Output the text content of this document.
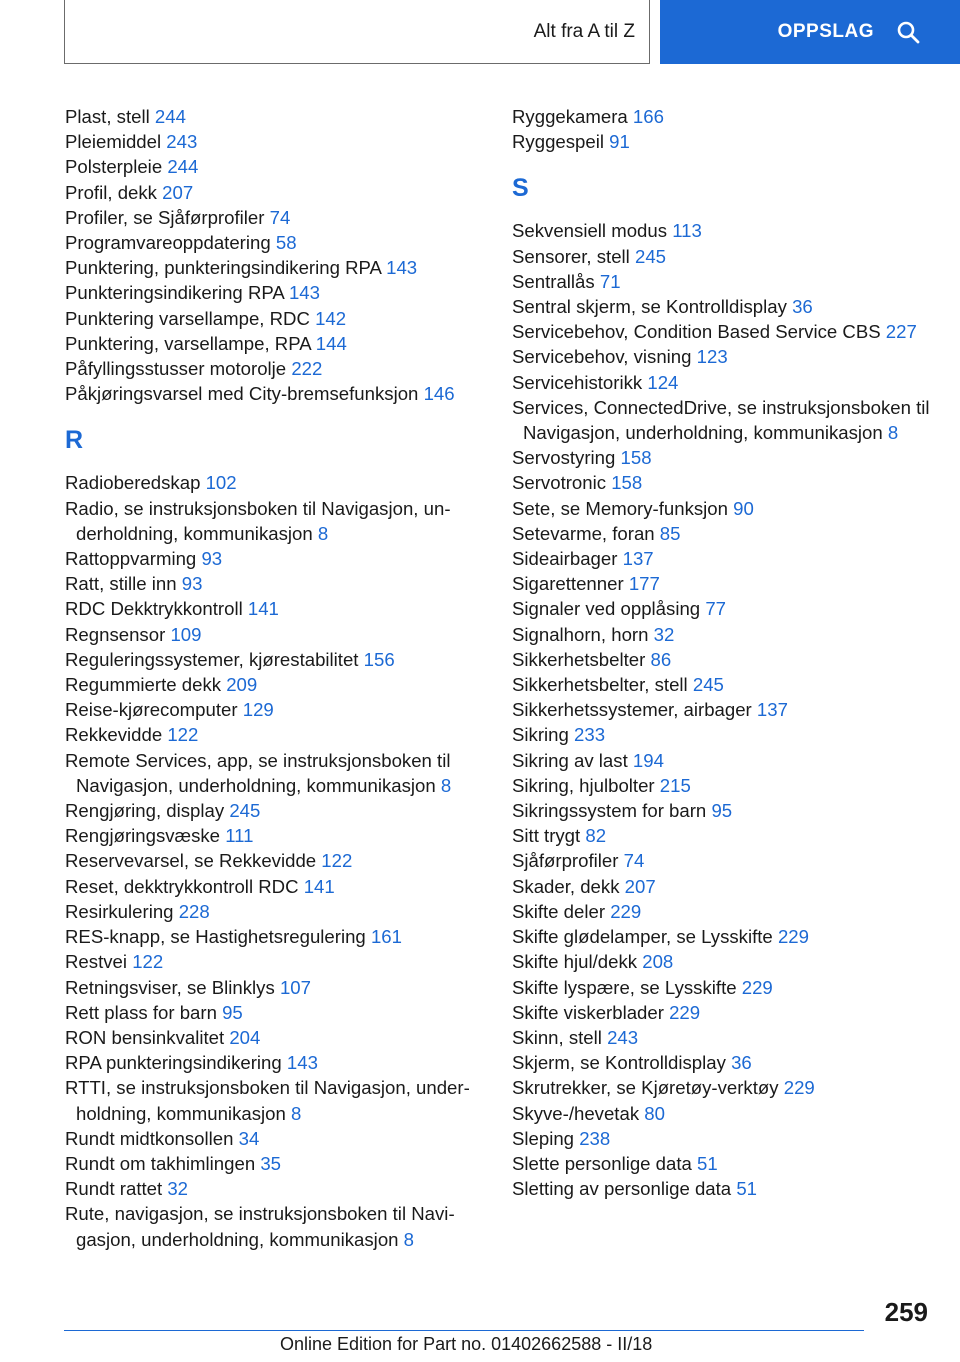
Alt fra A til Z	OPPSLAG
Plast, stell 244
Pleiemiddel 243
Polsterpleie 244
Profil, dekk 207
Profiler, se Sjåførprofiler 74
Programvareoppdatering 58
Punktering, punkteringsindikering RPA 143
Punkteringsindikering RPA 143
Punktering varsellampe, RDC 142
Punktering, varsellampe, RPA 144
Påfyllingsstusser motorolje 222
Påkjøringsvarsel med City-bremsefunksjon 146
R
Radioberedskap 102
Radio, se instruksjonsboken til Navigasjon, underholdning, kommunikasjon 8
Rattoppvarming 93
Ratt, stille inn 93
RDC Dekktrykkontroll 141
Regnsensor 109
Reguleringssystemer, kjørestabilitet 156
Regummierte dekk 209
Reise-kjørecomputer 129
Rekkevidde 122
Remote Services, app, se instruksjonsboken til Navigasjon, underholdning, kommunikasjon 8
Rengjøring, display 245
Rengjøringsvæske 111
Reservevarsel, se Rekkevidde 122
Reset, dekktrykkontroll RDC 141
Resirkulering 228
RES-knapp, se Hastighetsregulering 161
Restvei 122
Retningsviser, se Blinklys 107
Rett plass for barn 95
RON bensinkvalitet 204
RPA punkteringsindikering 143
RTTI, se instruksjonsboken til Navigasjon, underholdning, kommunikasjon 8
Rundt midtkonsollen 34
Rundt om takhimlingen 35
Rundt rattet 32
Rute, navigasjon, se instruksjonsboken til Navigasjon, underholdning, kommunikasjon 8
Ryggekamera 166
Ryggespeil 91
S
Sekvensiell modus 113
Sensorer, stell 245
Sentrallås 71
Sentral skjerm, se Kontrolldisplay 36
Servicebehov, Condition Based Service CBS 227
Servicebehov, visning 123
Servicehistorikk 124
Services, ConnectedDrive, se instruksjonsboken til Navigasjon, underholdning, kommunikasjon 8
Servostyring 158
Servotronic 158
Sete, se Memory-funksjon 90
Setevarme, foran 85
Sideairbager 137
Sigarettenner 177
Signaler ved opplåsing 77
Signalhorn, horn 32
Sikkerhetsbelter 86
Sikkerhetsbelter, stell 245
Sikkerhetssystemer, airbager 137
Sikring 233
Sikring av last 194
Sikring, hjulbolter 215
Sikringssystem for barn 95
Sitt trygt 82
Sjåførprofiler 74
Skader, dekk 207
Skifte deler 229
Skifte glødelamper, se Lysskifte 229
Skifte hjul/dekk 208
Skifte lyspære, se Lysskifte 229
Skifte viskerblader 229
Skinn, stell 243
Skjerm, se Kontrolldisplay 36
Skrutrekker, se Kjøretøy-verktøy 229
Skyve-/hevetak 80
Sleping 238
Slette personlige data 51
Sletting av personlige data 51
259
Online Edition for Part no. 01402662588 - II/18
